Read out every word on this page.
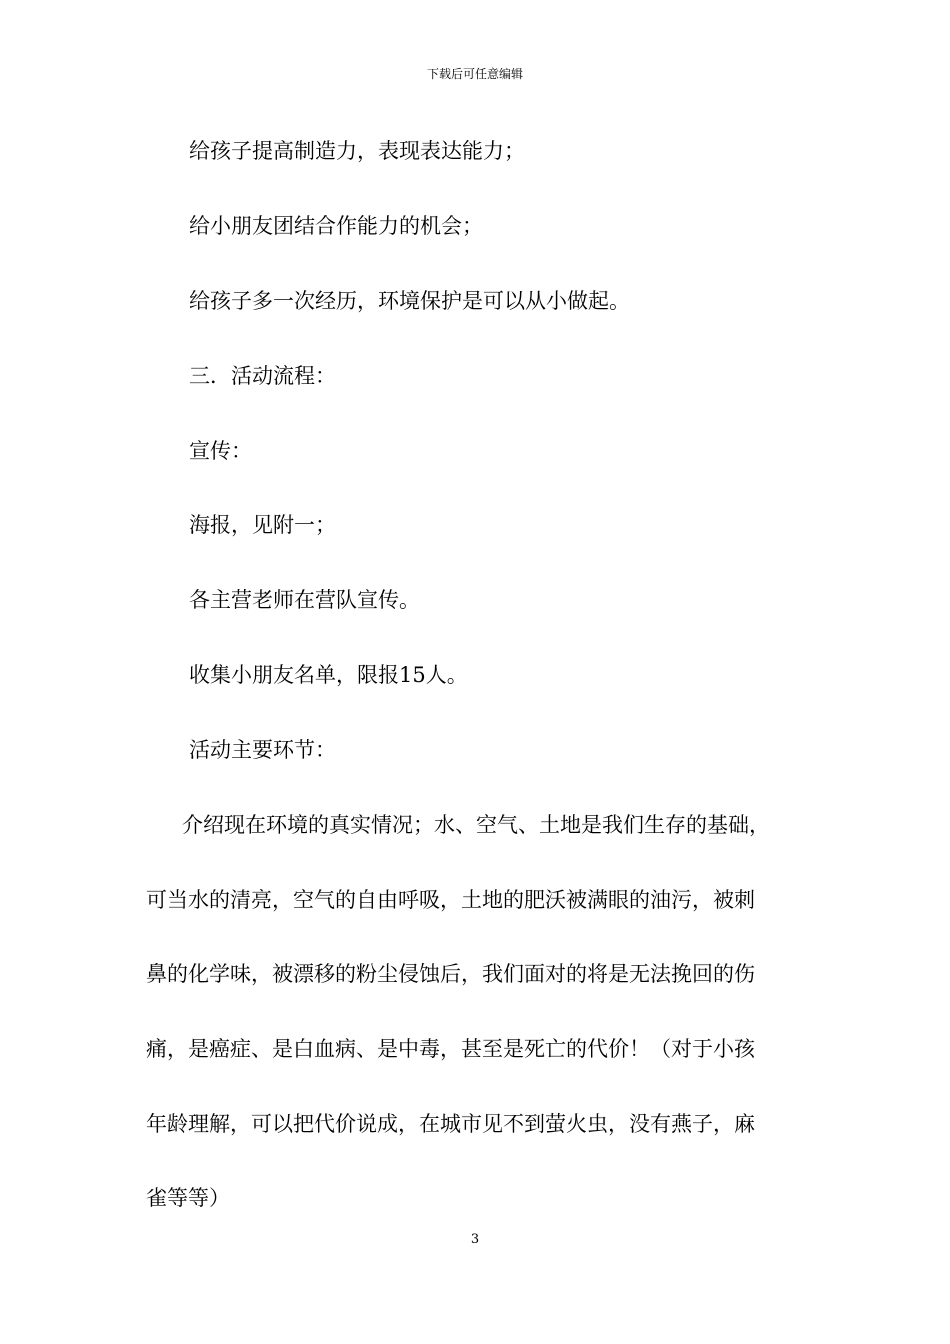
下载后可任意编辑
给孩子提高制造力，表现表达能力；
给小朋友团结合作能力的机会；
给孩子多一次经历，环境保护是可以从小做起。
三．活动流程：
宣传：
海报，见附一；
各主营老师在营队宣传。
收集小朋友名单，限报15人。
活动主要环节：
介绍现在环境的真实情况；水、空气、土地是我们生存的基础，
可当水的清亮，空气的自由呼吸，土地的肥沃被满眼的油污，被刺
鼻的化学味，被漂移的粉尘侵蚀后，我们面对的将是无法挽回的伤
痛，是癌症、是白血病、是中毒，甚至是死亡的代价！（对于小孩
年龄理解，可以把代价说成，在城市见不到萤火虫，没有燕子，麻
雀等等）
3
